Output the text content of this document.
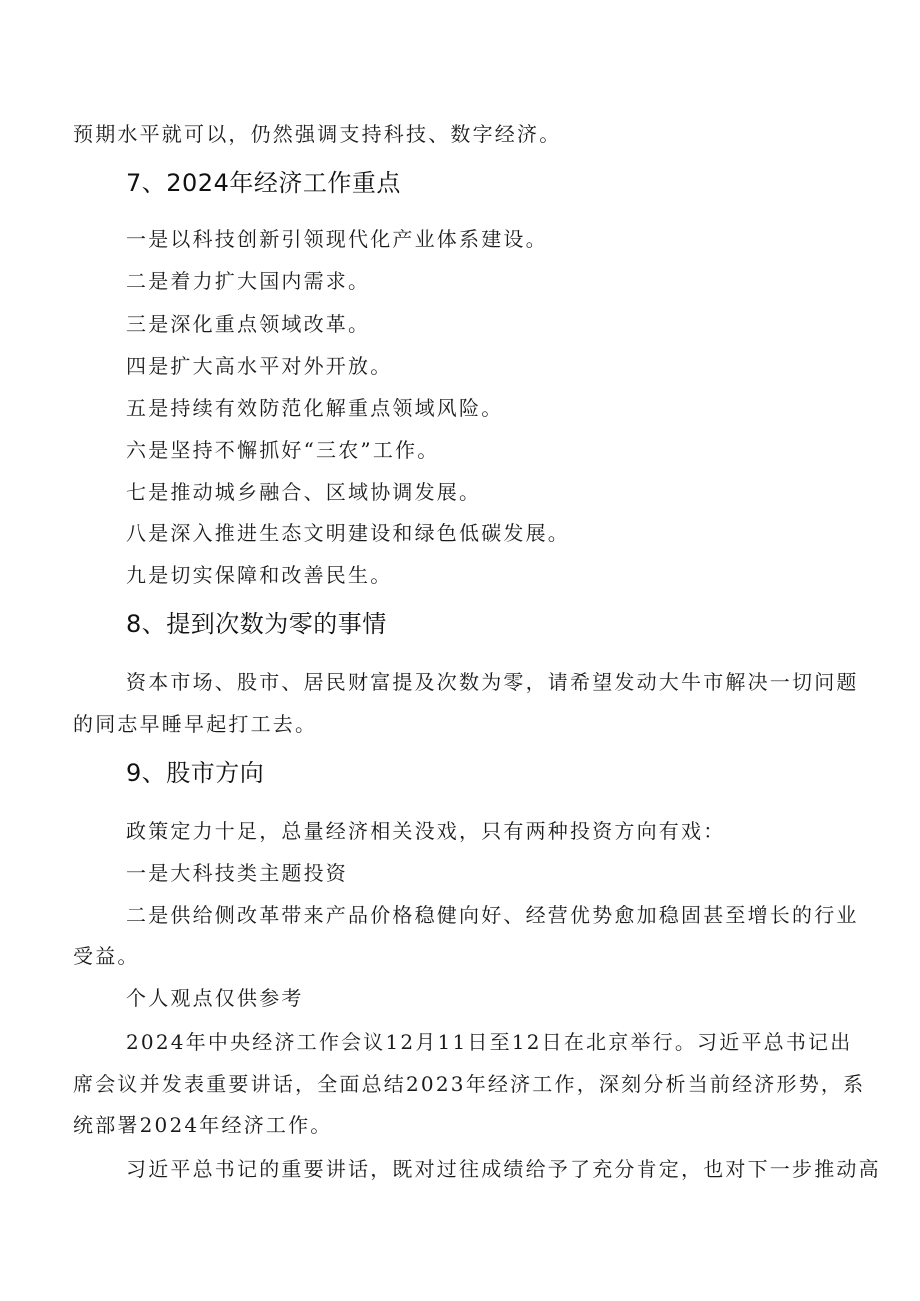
预期水平就可以，仍然强调支持科技、数字经济。
7、2024年经济工作重点
一是以科技创新引领现代化产业体系建设。
二是着力扩大国内需求。
三是深化重点领域改革。
四是扩大高水平对外开放。
五是持续有效防范化解重点领域风险。
六是坚持不懈抓好“三农”工作。
七是推动城乡融合、区域协调发展。
八是深入推进生态文明建设和绿色低碳发展。
九是切实保障和改善民生。
8、提到次数为零的事情
资本市场、股市、居民财富提及次数为零，请希望发动大牛市解决一切问题
的同志早睡早起打工去。
9、股市方向
政策定力十足，总量经济相关没戏，只有两种投资方向有戏：
一是大科技类主题投资
二是供给侧改革带来产品价格稳健向好、经营优势愈加稳固甚至增长的行业
受益。
个人观点仅供参考
2024年中央经济工作会议12月11日至12日在北京举行。习近平总书记出
席会议并发表重要讲话，全面总结2023年经济工作，深刻分析当前经济形势，系
统部署2024年经济工作。
习近平总书记的重要讲话，既对过往成绩给予了充分肯定，也对下一步推动高
